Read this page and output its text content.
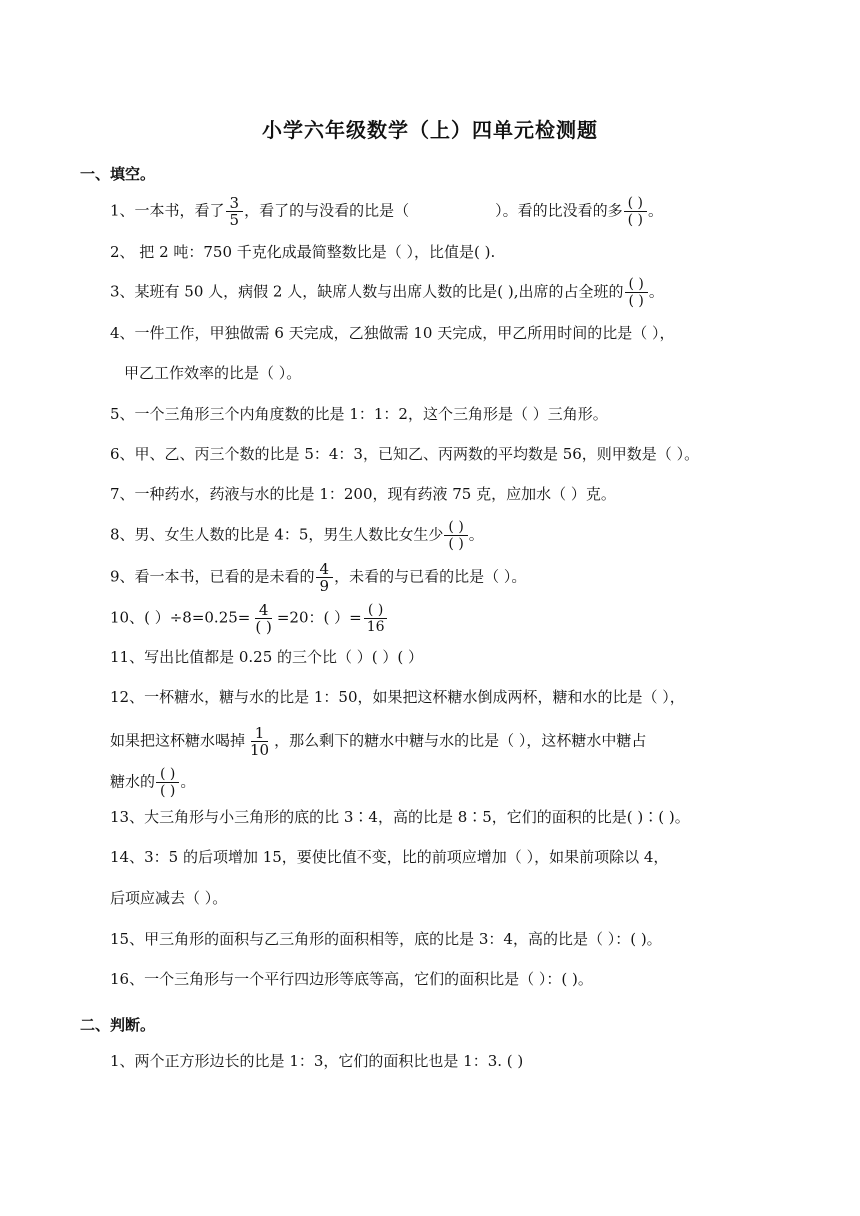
小学六年级数学（上）四单元检测题
一、填空。
1、一本书，看了 $\frac{3}{5}$ ，看了的与没看的比是（	）。看的比没看的多 $\frac{( )}{( )}$ 。
2、 把 2 吨：750 千克化成最简整数比是（ ），比值是( ).
3、某班有 50 人，病假 2 人，缺席人数与出席人数的比是( ),出席的占全班的 $\frac{( )}{( )}$ 。
4、一件工作，甲独做需 6 天完成，乙独做需 10 天完成，甲乙所用时间的比是（ ），
甲乙工作效率的比是（ ）。
5、一个三角形三个内角度数的比是 1：1：2，这个三角形是（ ）三角形。
6、甲、乙、丙三个数的比是 5：4：3，已知乙、丙两数的平均数是 56，则甲数是（ ）。
7、一种药水，药液与水的比是 1：200，现有药液 75 克，应加水（ ）克。
8、男、女生人数的比是 4：5，男生人数比女生少 $\frac{( )}{( )}$ 。
9、看一本书，已看的是未看的 $\frac{4}{9}$ ，未看的与已看的比是（ ）。
10、( ）$\div 8=0.25= \frac{4}{( )} =20$：( ）= $\frac{( )}{16}$
11、写出比值都是 0.25 的三个比（ ）( ）( ）
12、一杯糖水，糖与水的比是 1：50，如果把这杯糖水倒成两杯，糖和水的比是（ ），
如果把这杯糖水喝掉 $\frac{1}{10}$ ，那么剩下的糖水中糖与水的比是（ ），这杯糖水中糖占
糖水的 $\frac{( )}{( )}$ 。
13、大三角形与小三角形的底的比 3∶4，高的比是 8∶5，它们的面积的比是( )∶( )。
14、3：5 的后项增加 15，要使比值不变，比的前项应增加（ ），如果前项除以 4，
后项应减去（ ）。
15、甲三角形的面积与乙三角形的面积相等，底的比是 3：4，高的比是（ ）：( )。
16、一个三角形与一个平行四边形等底等高，它们的面积比是（ ）：( )。
二、判断。
1、两个正方形边长的比是 1：3，它们的面积比也是 1：3. ( )
